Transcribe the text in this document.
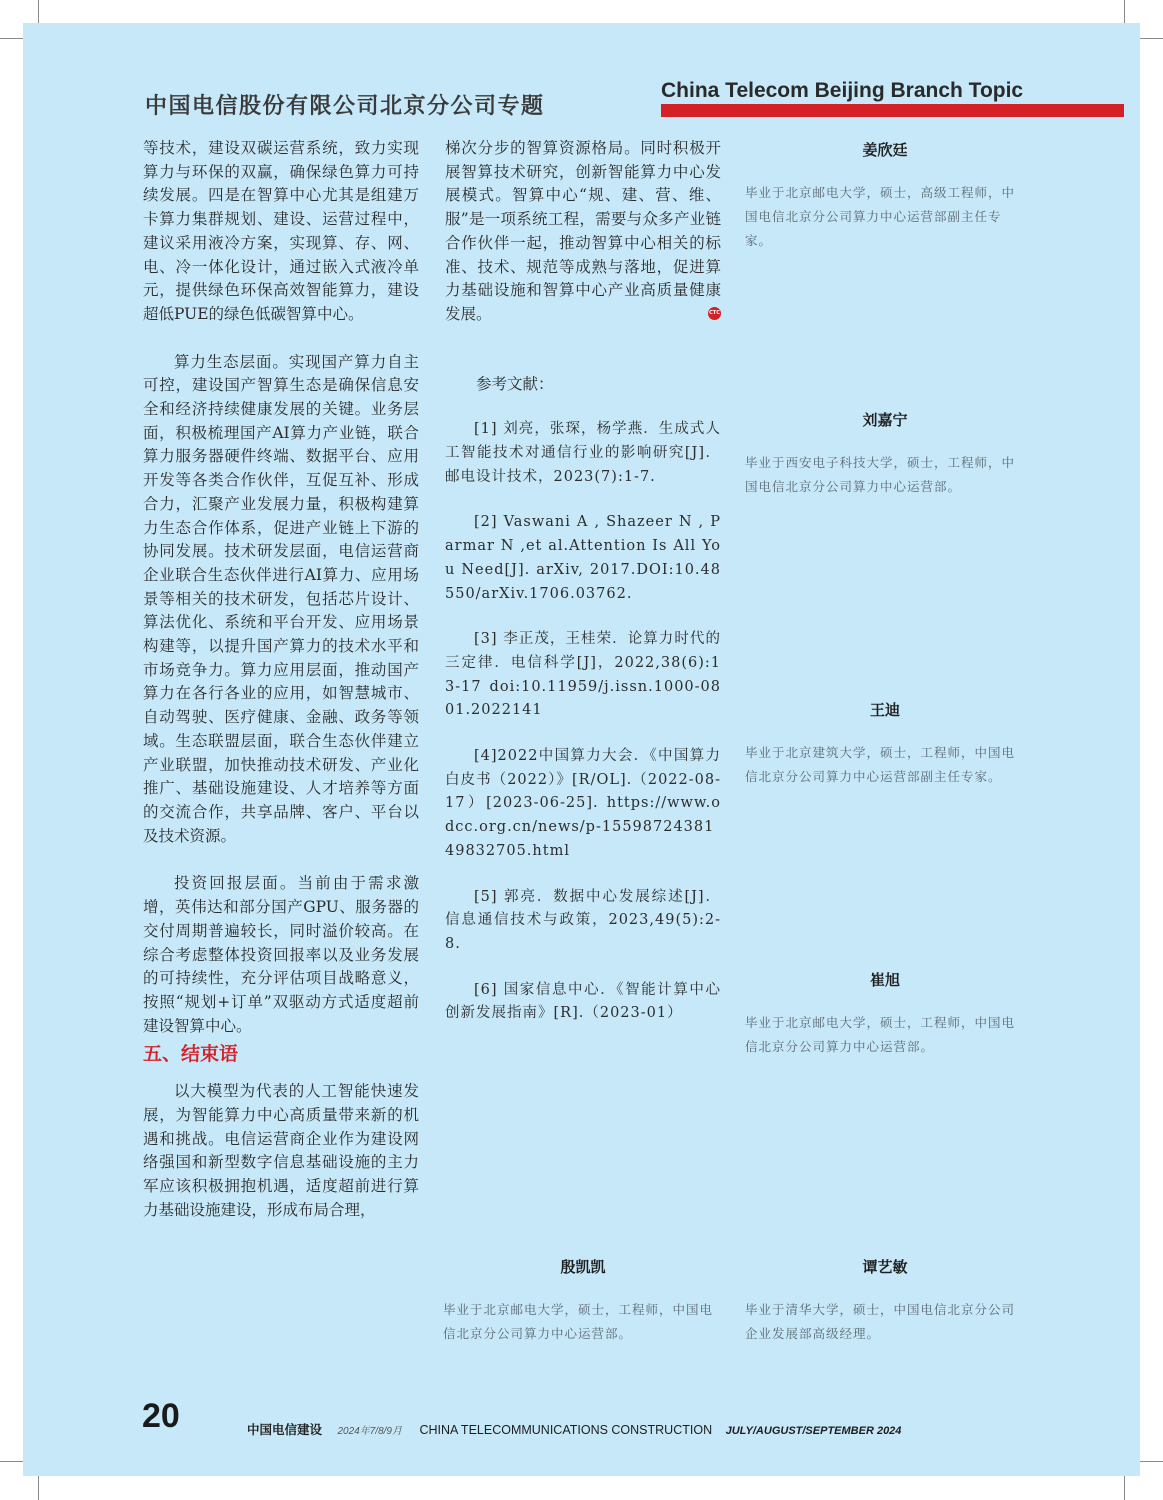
中国电信股份有限公司北京分公司专题
China Telecom Beijing Branch Topic

等技术，建设双碳运营系统，致力实现算力与环保的双赢，确保绿色算力可持续发展。四是在智算中心尤其是组建万卡算力集群规划、建设、运营过程中，建议采用液冷方案，实现算、存、网、电、冷一体化设计，通过嵌入式液冷单元，提供绿色环保高效智能算力，建设超低PUE的绿色低碳智算中心。

算力生态层面。实现国产算力自主可控，建设国产智算生态是确保信息安全和经济持续健康发展的关键。业务层面，积极梳理国产AI算力产业链，联合算力服务器硬件终端、数据平台、应用开发等各类合作伙伴，互促互补、形成合力，汇聚产业发展力量，积极构建算力生态合作体系，促进产业链上下游的协同发展。技术研发层面，电信运营商企业联合生态伙伴进行AI算力、应用场景等相关的技术研发，包括芯片设计、算法优化、系统和平台开发、应用场景构建等，以提升国产算力的技术水平和市场竞争力。算力应用层面，推动国产算力在各行各业的应用，如智慧城市、自动驾驶、医疗健康、金融、政务等领域。生态联盟层面，联合生态伙伴建立产业联盟，加快推动技术研发、产业化推广、基础设施建设、人才培养等方面的交流合作，共享品牌、客户、平台以及技术资源。

投资回报层面。当前由于需求激增，英伟达和部分国产GPU、服务器的交付周期普遍较长，同时溢价较高。在综合考虑整体投资回报率以及业务发展的可持续性，充分评估项目战略意义，按照“规划+订单”双驱动方式适度超前建设智算中心。

五、结束语

以大模型为代表的人工智能快速发展，为智能算力中心高质量带来新的机遇和挑战。电信运营商企业作为建设网络强国和新型数字信息基础设施的主力军应该积极拥抱机遇，适度超前进行算力基础设施建设，形成布局合理，

梯次分步的智算资源格局。同时积极开展智算技术研究，创新智能算力中心发展模式。智算中心“规、建、营、维、服”是一项系统工程，需要与众多产业链合作伙伴一起，推动智算中心相关的标准、技术、规范等成熟与落地，促进算力基础设施和智算中心产业高质量健康发展。	CTC

参考文献：

[1] 刘亮，张琛，杨学燕．生成式人工智能技术对通信行业的影响研究[J]．邮电设计技术，2023(7):1-7.

[2] Vaswani A , Shazeer N , Parmar N ,et al.Attention Is All You Need[J]. arXiv, 2017.DOI:10.48550/arXiv.1706.03762.

[3] 李正茂，王桂荣．论算力时代的三定律．电信科学[J]，2022,38(6):13-17 doi:10.11959/j.issn.1000-0801.2022141

[4]2022中国算力大会．《中国算力白皮书（2022）》[R/OL].（2022-08-17）[2023-06-25]. https://www.odcc.org.cn/news/p-15598724381498327​05.html

[5] 郭亮．数据中心发展综述[J]．信息通信技术与政策，2023,49(5):2-8.

[6] 国家信息中心．《智能计算中心创新发展指南》[R].（2023-01）

姜欣廷
毕业于北京邮电大学，硕士，高级工程师，中国电信北京分公司算力中心运营部副主任专家。
刘嘉宁
毕业于西安电子科技大学，硕士，工程师，中国电信北京分公司算力中心运营部。
王迪
毕业于北京建筑大学，硕士，工程师，中国电信北京分公司算力中心运营部副主任专家。
崔旭
毕业于北京邮电大学，硕士，工程师，中国电信北京分公司算力中心运营部。
殷凯凯
毕业于北京邮电大学，硕士，工程师，中国电信北京分公司算力中心运营部。
谭艺敏
毕业于清华大学，硕士，中国电信北京分公司企业发展部高级经理。
20	中国电信建设 2024年7/8/9月 CHINA TELECOMMUNICATIONS CONSTRUCTION JULY/AUGUST/SEPTEMBER 2024
